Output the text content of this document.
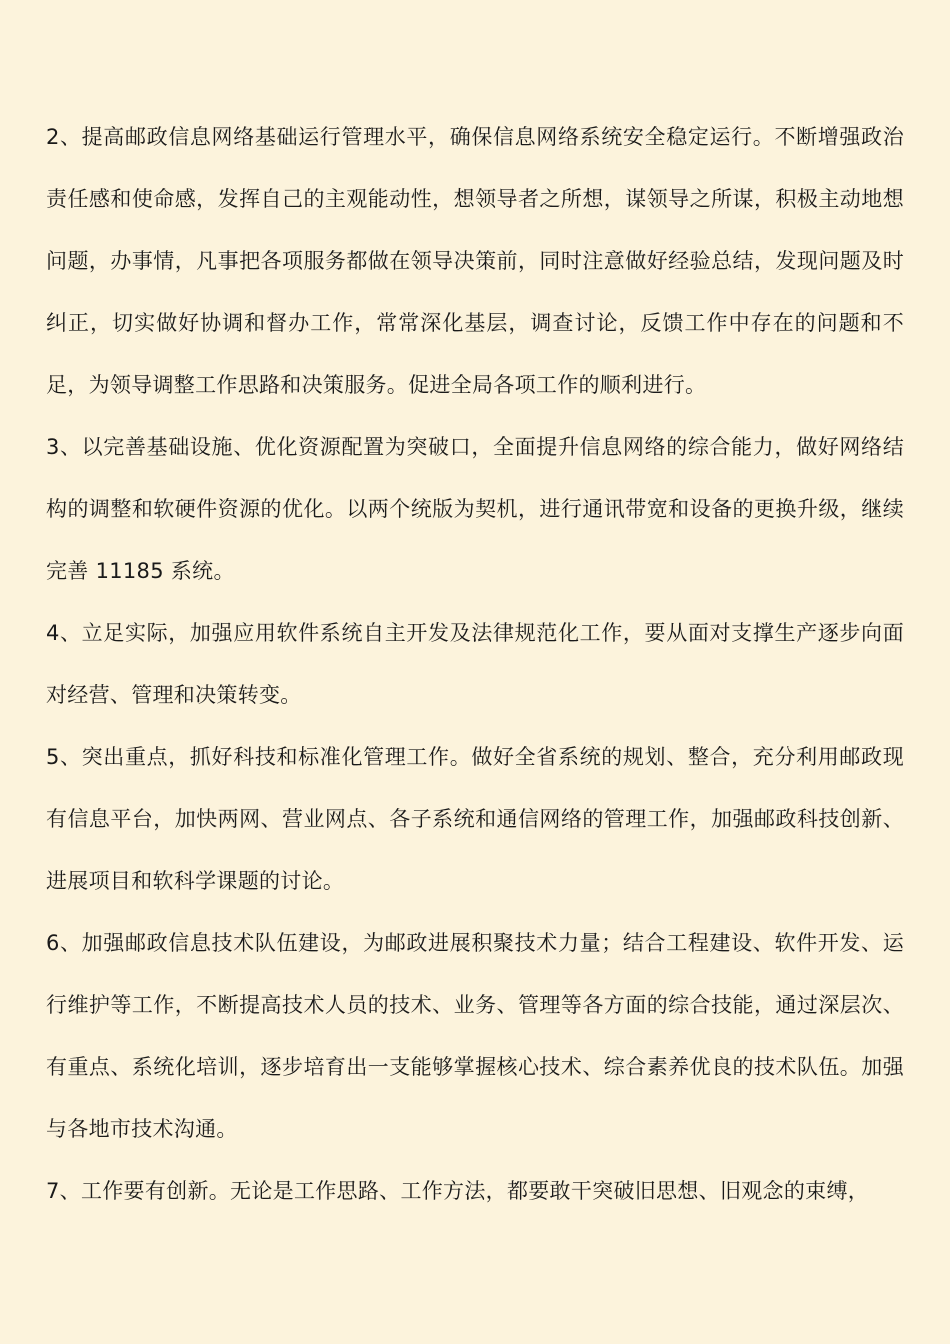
2、提高邮政信息网络基础运行管理水平，确保信息网络系统安全稳定运行。不断增强政治责任感和使命感，发挥自己的主观能动性，想领导者之所想，谋领导之所谋，积极主动地想问题，办事情，凡事把各项服务都做在领导决策前，同时注意做好经验总结，发现问题及时纠正，切实做好协调和督办工作，常常深化基层，调查讨论，反馈工作中存在的问题和不足，为领导调整工作思路和决策服务。促进全局各项工作的顺利进行。

3、以完善基础设施、优化资源配置为突破口，全面提升信息网络的综合能力，做好网络结构的调整和软硬件资源的优化。以两个统版为契机，进行通讯带宽和设备的更换升级，继续完善 11185 系统。

4、立足实际，加强应用软件系统自主开发及法律规范化工作，要从面对支撑生产逐步向面对经营、管理和决策转变。

5、突出重点，抓好科技和标准化管理工作。做好全省系统的规划、整合，充分利用邮政现有信息平台，加快两网、营业网点、各子系统和通信网络的管理工作，加强邮政科技创新、进展项目和软科学课题的讨论。

6、加强邮政信息技术队伍建设，为邮政进展积聚技术力量；结合工程建设、软件开发、运行维护等工作，不断提高技术人员的技术、业务、管理等各方面的综合技能，通过深层次、有重点、系统化培训，逐步培育出一支能够掌握核心技术、综合素养优良的技术队伍。加强与各地市技术沟通。

7、工作要有创新。无论是工作思路、工作方法，都要敢干突破旧思想、旧观念的束缚，
